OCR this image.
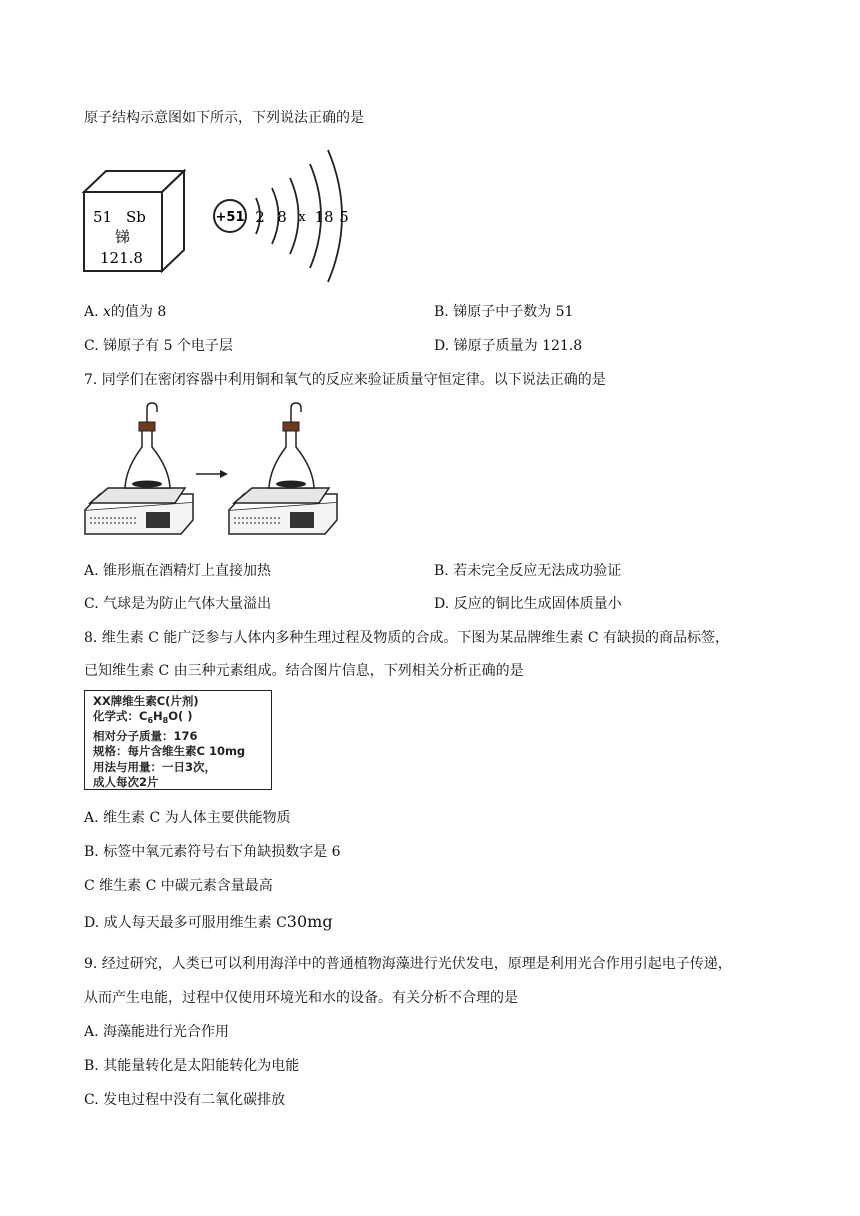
原子结构示意图如下所示，下列说法正确的是
51 Sb
锑
121.8
+51 2 8 x 18 5
A. x的值为 8	B. 锑原子中子数为 51
C. 锑原子有 5 个电子层	D. 锑原子质量为 121.8
7. 同学们在密闭容器中利用铜和氧气的反应来验证质量守恒定律。以下说法正确的是
A. 锥形瓶在酒精灯上直接加热	B. 若未完全反应无法成功验证
C. 气球是为防止气体大量溢出	D. 反应的铜比生成固体质量小
8. 维生素 C 能广泛参与人体内多种生理过程及物质的合成。下图为某品牌维生素 C 有缺损的商品标签，
已知维生素 C 由三种元素组成。结合图片信息，下列相关分析正确的是
XX牌维生素C(片剂)
化学式：$C_6H_8O$( )
相对分子质量：176
规格：每片含维生素C 10mg
用法与用量：一日3次，
成人每次2片
A. 维生素 C 为人体主要供能物质
B. 标签中氧元素符号右下角缺损数字是 6
C 维生素 C 中碳元素含量最高
D. 成人每天最多可服用维生素 C30mg
9. 经过研究，人类已可以利用海洋中的普通植物海藻进行光伏发电，原理是利用光合作用引起电子传递，
从而产生电能，过程中仅使用环境光和水的设备。有关分析不合理的是
A. 海藻能进行光合作用
B. 其能量转化是太阳能转化为电能
C. 发电过程中没有二氧化碳排放
